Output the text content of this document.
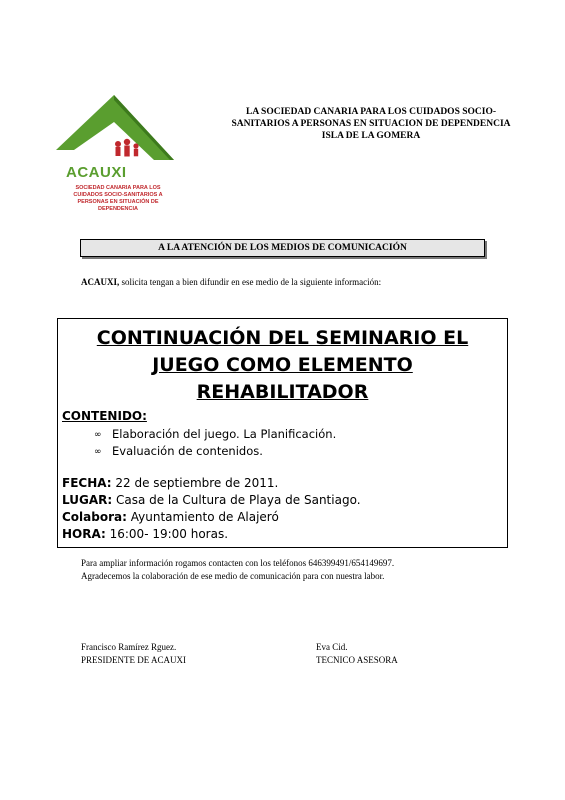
ACAUXI
SOCIEDAD CANARIA PARA LOS
CUIDADOS SOCIO-SANITARIOS A
PERSONAS EN SITUACIÓN DE
DEPENDENCIA
LA SOCIEDAD CANARIA PARA LOS CUIDADOS SOCIO-
SANITARIOS A PERSONAS EN SITUACION DE DEPENDENCIA
ISLA DE LA GOMERA
A LA ATENCIÓN DE LOS MEDIOS DE COMUNICACIÓN
ACAUXI, solicita tengan a bien difundir en ese medio de la siguiente información:
CONTINUACIÓN DEL SEMINARIO EL
JUEGO COMO ELEMENTO
REHABILITADOR
CONTENIDO:
∞ Elaboración del juego. La Planificación.
∞ Evaluación de contenidos.
FECHA: 22 de septiembre de 2011.
LUGAR: Casa de la Cultura de Playa de Santiago.
Colabora: Ayuntamiento de Alajeró
HORA: 16:00- 19:00 horas.
Para ampliar información rogamos contacten con los teléfonos 646399491/654149697.
Agradecemos la colaboración de ese medio de comunicación para con nuestra labor.
Francisco Ramírez Rguez.
PRESIDENTE DE ACAUXI
Eva Cid.
TECNICO ASESORA
